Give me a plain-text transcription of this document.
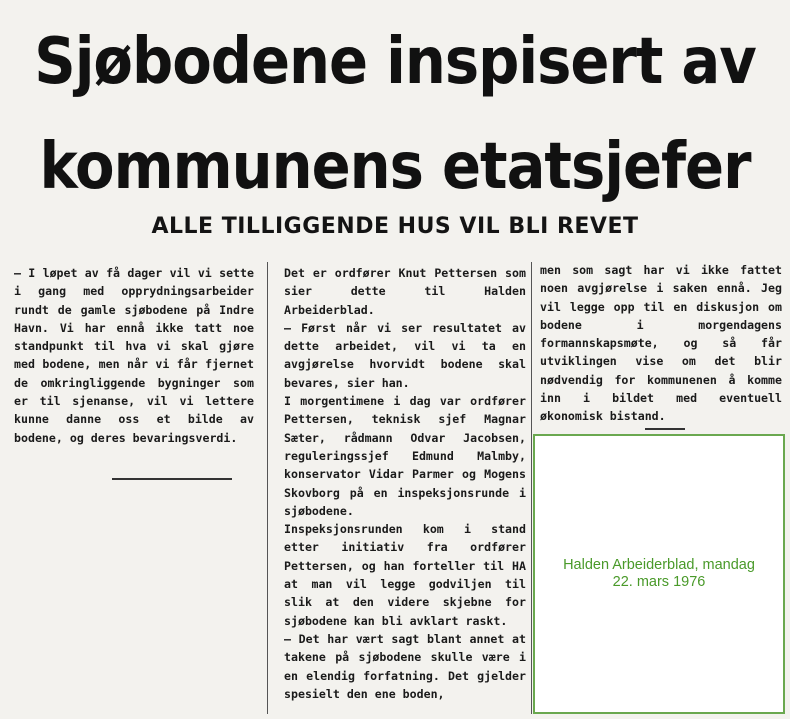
Sjøbodene inspisert av
kommunens etatsjefer
ALLE TILLIGGENDE HUS VIL BLI REVET

— I løpet av få dager vil vi sette i gang med opprydningsarbeider rundt de gamle sjøbodene på Indre Havn. Vi har ennå ikke tatt noe standpunkt til hva vi skal gjøre med bodene, men når vi får fjernet de omkringliggende bygninger som er til sjenanse, vil vi lettere kunne danne oss et bilde av bodene, og deres bevaringsverdi.

Det er ordfører Knut Pettersen som sier dette til Halden Arbeiderblad.

— Først når vi ser resultatet av dette arbeidet, vil vi ta en avgjørelse hvorvidt bodene skal bevares, sier han.

I morgentimene i dag var ordfører Pettersen, teknisk sjef Magnar Sæter, rådmann Odvar Jacobsen, reguleringssjef Edmund Malmby, konservator Vidar Parmer og Mogens Skovborg på en inspeksjonsrunde i sjøbodene.

Inspeksjonsrunden kom i stand etter initiativ fra ordfører Pettersen, og han forteller til HA at man vil legge godviljen til slik at den videre skjebne for sjøbodene kan bli avklart raskt.

— Det har vært sagt blant annet at takene på sjøbodene skulle være i en elendig forfatning. Det gjelder spesielt den ene boden,

men som sagt har vi ikke fattet noen avgjørelse i saken ennå. Jeg vil legge opp til en diskusjon om bodene i morgendagens formannskapsmøte, og så får utviklingen vise om det blir nødvendig for kommunenen å komme inn i bildet med eventuell økonomisk bistand.

Halden Arbeiderblad, mandag
22. mars 1976
